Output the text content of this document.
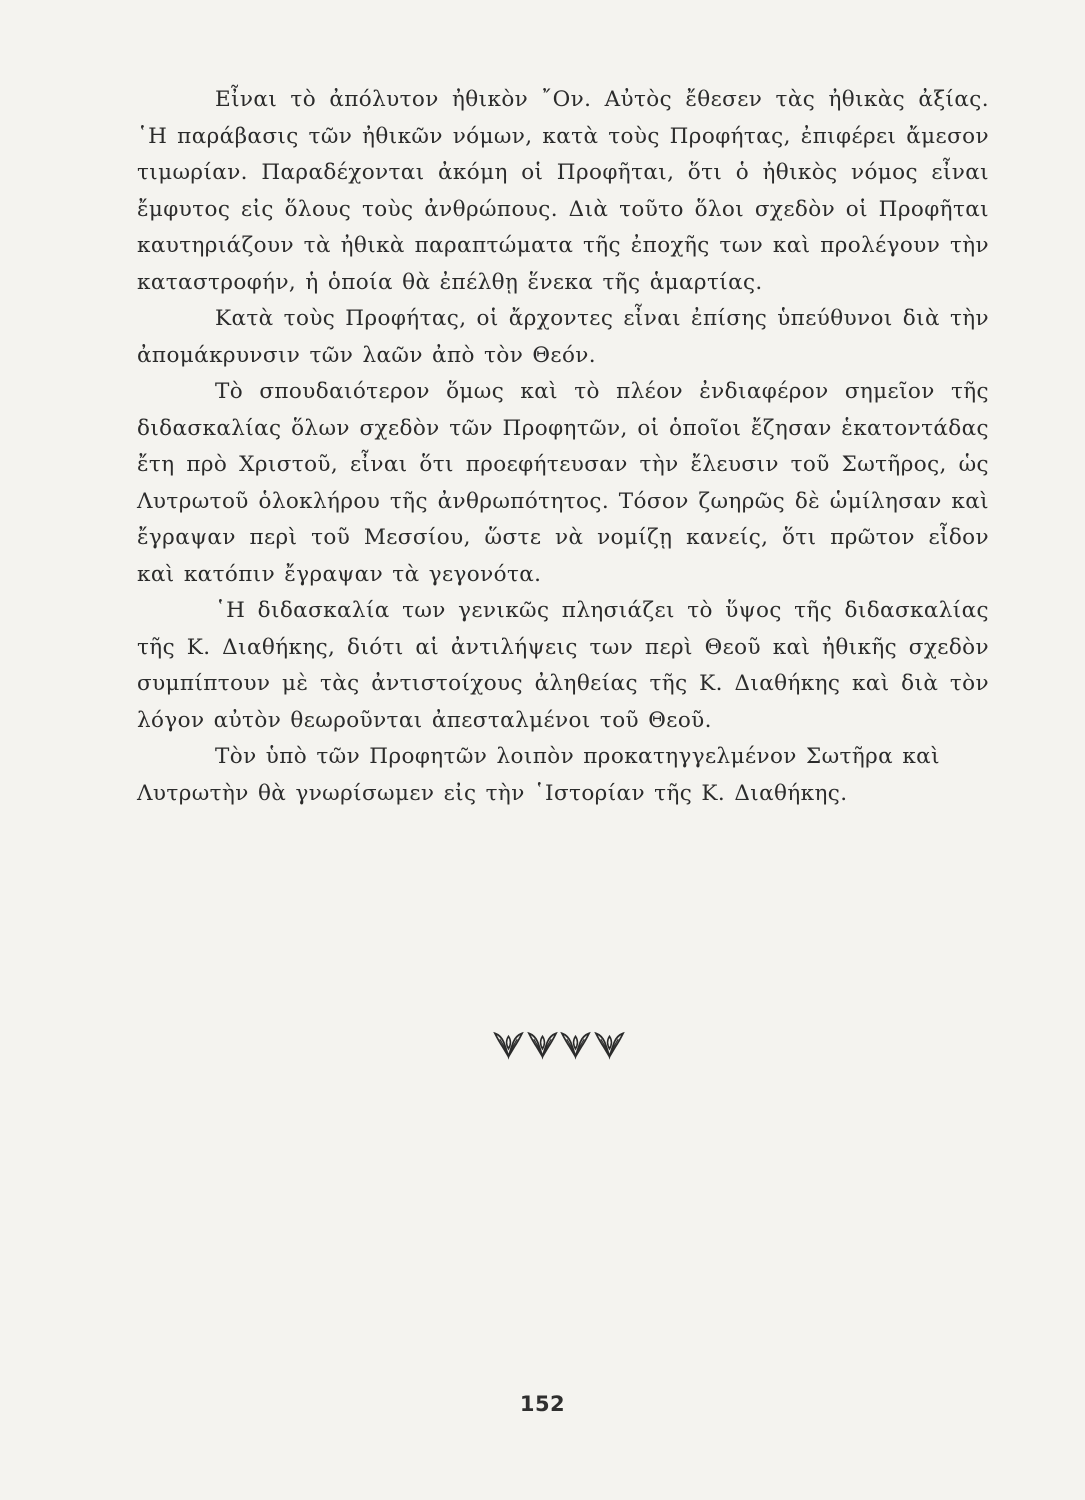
Εἶναι τὸ ἀπόλυτον ἠθικὸν ῎Ον. Αὐτὸς ἔθεσεν τὰς ἠθικὰς ἀξίας. ῾Η παράβασις τῶν ἠθικῶν νόμων, κατὰ τοὺς Προφήτας, ἐπιφέρει ἄμεσον τιμωρίαν. Παραδέχονται ἀκόμη οἱ Προφῆται, ὅτι ὁ ἠθικὸς νόμος εἶναι ἔμφυτος εἰς ὅλους τοὺς ἀνθρώπους. Διὰ τοῦτο ὅλοι σχεδὸν οἱ Προφῆται καυτηριάζουν τὰ ἠθικὰ παραπτώματα τῆς ἐποχῆς των καὶ προλέγουν τὴν καταστροφήν, ἡ ὁποία θὰ ἐπέλθῃ ἕνεκα τῆς ἁμαρτίας.

Κατὰ τοὺς Προφήτας, οἱ ἄρχοντες εἶναι ἐπίσης ὑπεύθυνοι διὰ τὴν ἀπομάκρυνσιν τῶν λαῶν ἀπὸ τὸν Θεόν.

Τὸ σπουδαιότερον ὅμως καὶ τὸ πλέον ἐνδιαφέρον σημεῖον τῆς διδασκαλίας ὅλων σχεδὸν τῶν Προφητῶν, οἱ ὁποῖοι ἔζησαν ἑκατοντάδας ἔτη πρὸ Χριστοῦ, εἶναι ὅτι προεφήτευσαν τὴν ἔλευσιν τοῦ Σωτῆρος, ὡς Λυτρωτοῦ ὁλοκλήρου τῆς ἀνθρωπότητος. Τόσον ζωηρῶς δὲ ὡμίλησαν καὶ ἔγραψαν περὶ τοῦ Μεσσίου, ὥστε νὰ νομίζῃ κανείς, ὅτι πρῶτον εἶδον καὶ κατόπιν ἔγραψαν τὰ γεγονότα.

῾Η διδασκαλία των γενικῶς πλησιάζει τὸ ὕψος τῆς διδασκαλίας τῆς Κ. Διαθήκης, διότι αἱ ἀντιλήψεις των περὶ Θεοῦ καὶ ἠθικῆς σχεδὸν συμπίπτουν μὲ τὰς ἀντιστοίχους ἀληθείας τῆς Κ. Διαθήκης καὶ διὰ τὸν λόγον αὐτὸν θεωροῦνται ἀπεσταλμένοι τοῦ Θεοῦ.

Τὸν ὑπὸ τῶν Προφητῶν λοιπὸν προκατηγγελμένον Σωτῆρα καὶ Λυτρωτὴν θὰ γνωρίσωμεν εἰς τὴν ῾Ιστορίαν τῆς Κ. Διαθήκης.

152
